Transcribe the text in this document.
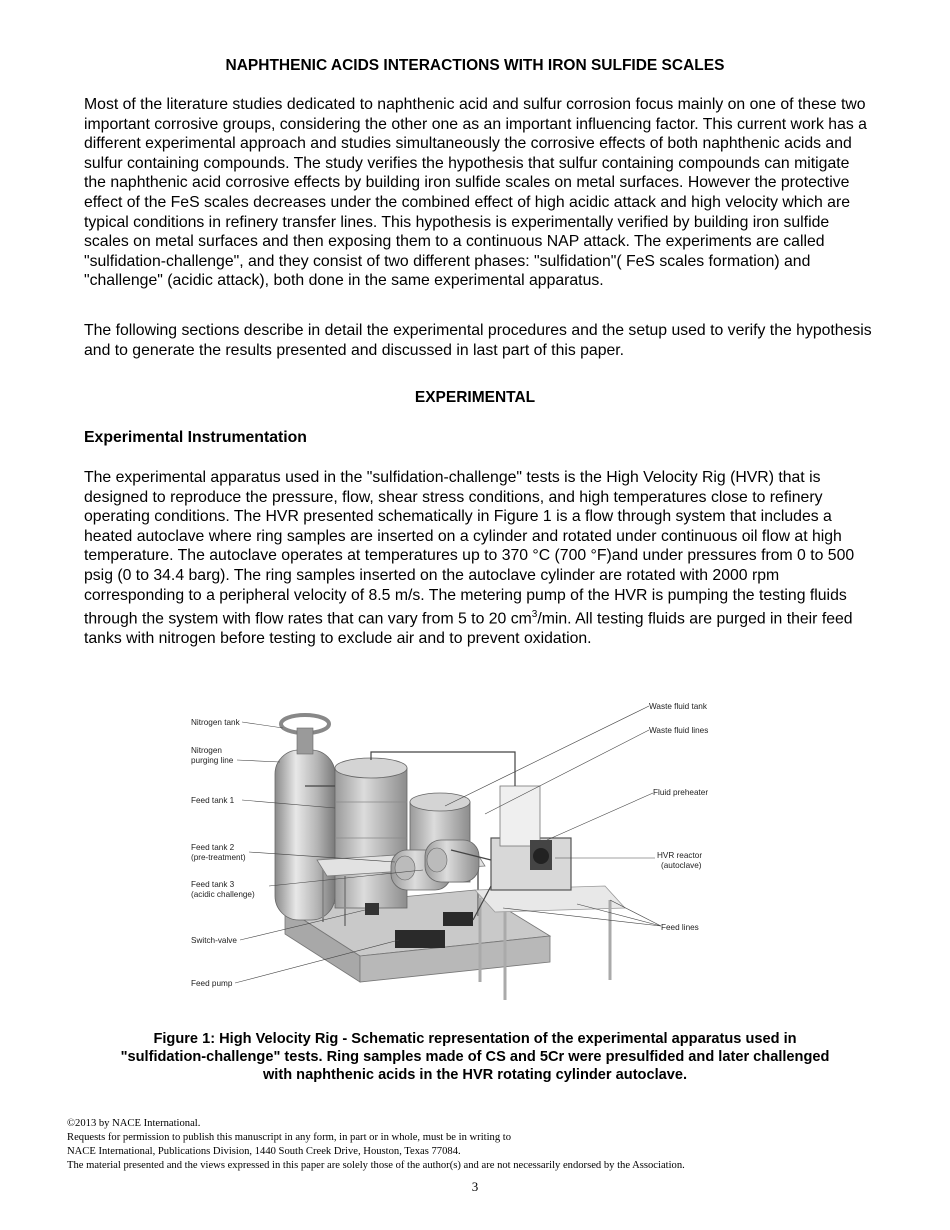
NAPHTHENIC ACIDS INTERACTIONS WITH IRON SULFIDE SCALES

Most of the literature studies dedicated to naphthenic acid and sulfur corrosion focus mainly on one of these two important corrosive groups, considering the other one as an important influencing factor. This current work has a different experimental approach and studies simultaneously the corrosive effects of both naphthenic acids and sulfur containing compounds. The study verifies the hypothesis that sulfur containing compounds can mitigate the naphthenic acid corrosive effects by building iron sulfide scales on metal surfaces. However the protective effect of the FeS scales decreases under the combined effect of high acidic attack and high velocity which are typical conditions in refinery transfer lines. This hypothesis is experimentally verified by building iron sulfide scales on metal surfaces and then exposing them to a continuous NAP attack. The experiments are called "sulfidation-challenge", and they consist of two different phases: "sulfidation"( FeS scales formation) and "challenge" (acidic attack), both done in the same experimental apparatus.

The following sections describe in detail the experimental procedures and the setup used to verify the hypothesis and to generate the results presented and discussed in last part of this paper.

EXPERIMENTAL
Experimental Instrumentation

The experimental apparatus used in the "sulfidation-challenge" tests is the High Velocity Rig (HVR) that is designed to reproduce the pressure, flow, shear stress conditions, and high temperatures close to refinery operating conditions. The HVR presented schematically in Figure 1 is a flow through system that includes a heated autoclave where ring samples are inserted on a cylinder and rotated under continuous oil flow at high temperature. The autoclave operates at temperatures up to 370 °C (700 °F)and under pressures from 0 to 500 psig (0 to 34.4 barg). The ring samples inserted on the autoclave cylinder are rotated with 2000 rpm corresponding to a peripheral velocity of 8.5 m/s. The metering pump of the HVR is pumping the testing fluids through the system with flow rates that can vary from 5 to 20 $cm^3/\min$. All testing fluids are purged in their feed tanks with nitrogen before testing to exclude air and to prevent oxidation.

Nitrogen tank
Nitrogen
purging line
Feed tank 1
Feed tank 2
(pre-treatment)
Feed tank 3
(acidic challenge)
Switch-valve
Feed pump
Waste fluid tank
Waste fluid lines
Fluid preheater
HVR reactor
(autoclave)
Feed lines

Figure 1: High Velocity Rig - Schematic representation of the experimental apparatus used in "sulfidation-challenge" tests. Ring samples made of CS and 5Cr were presulfided and later challenged with naphthenic acids in the HVR rotating cylinder autoclave.

©2013 by NACE International.
Requests for permission to publish this manuscript in any form, in part or in whole, must be in writing to
NACE International, Publications Division, 1440 South Creek Drive, Houston, Texas 77084.
The material presented and the views expressed in this paper are solely those of the author(s) and are not necessarily endorsed by the Association.
3
